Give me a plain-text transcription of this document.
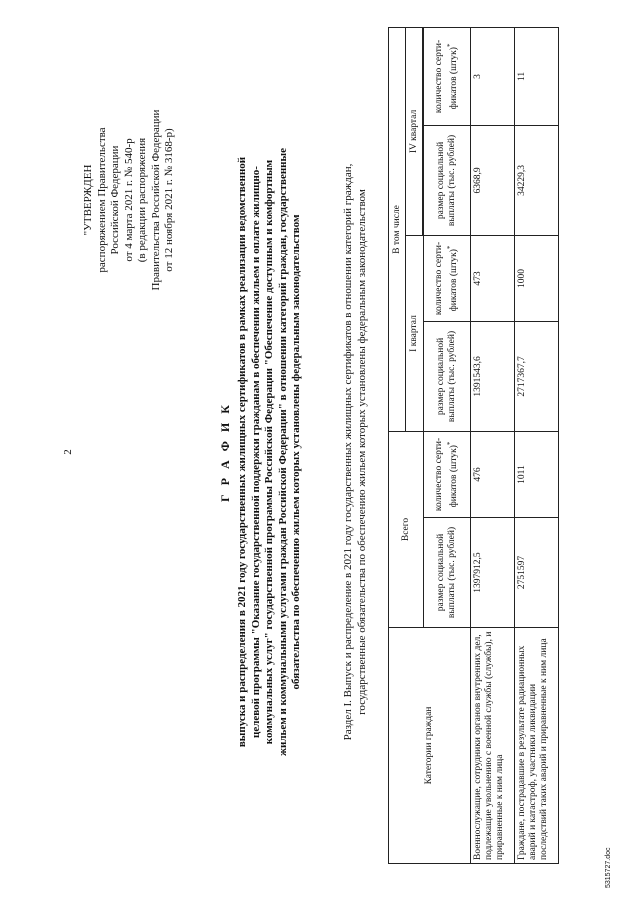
2
"УТВЕРЖДЕН распоряжением Правительства Российской Федерации от 4 марта 2021 г. № 540-р (в редакции распоряжения Правительства Российской Федерации от 12 ноября 2021 г. № 3168-р)
Г Р А Ф И К выпуска и распределения в 2021 году государственных жилищных сертификатов в рамках реализации ведомственной целевой программы "Оказание государственной поддержки гражданам в обеспечении жильем и оплате жилищно- коммунальных услуг" государственной программы Российской Федерации "Обеспечение доступным и комфортным жильем и коммунальными услугами граждан Российской Федерации" в отношении категорий граждан, государственные обязательства по обеспечению жильем которых установлены федеральным законодательством	Раздел I. Выпуск и распределение в 2021 году государственных жилищных сертификатов в отношении категорий граждан, государственные обязательства по обеспечению жильем которых установлены федеральным законодательством
Категории граждан	Всего		В том числе			
			I квартал		IV квартал	

	размер социальной выплаты (тыс. рублей)	количество серти- фикатов (штук)*	размер социальной выплаты (тыс. рублей)	количество серти- фикатов (штук)*	размер социальной выплаты (тыс. рублей)	количество серти- фикатов (штук)*
Военнослужащие, сотрудники органов внутренних дел, подлежащие увольнению с военной службы (службы), и приравненные к ним лица	1397912,5	476	1391543,6	473	6368,9	3
Граждане, пострадавшие в результате радиационных аварий и катастроф, участники ликвидации последствий таких аварий и приравненные к ним лица	2751597	1011	2717367,7	1000	34229,3	11
5315727.doc
